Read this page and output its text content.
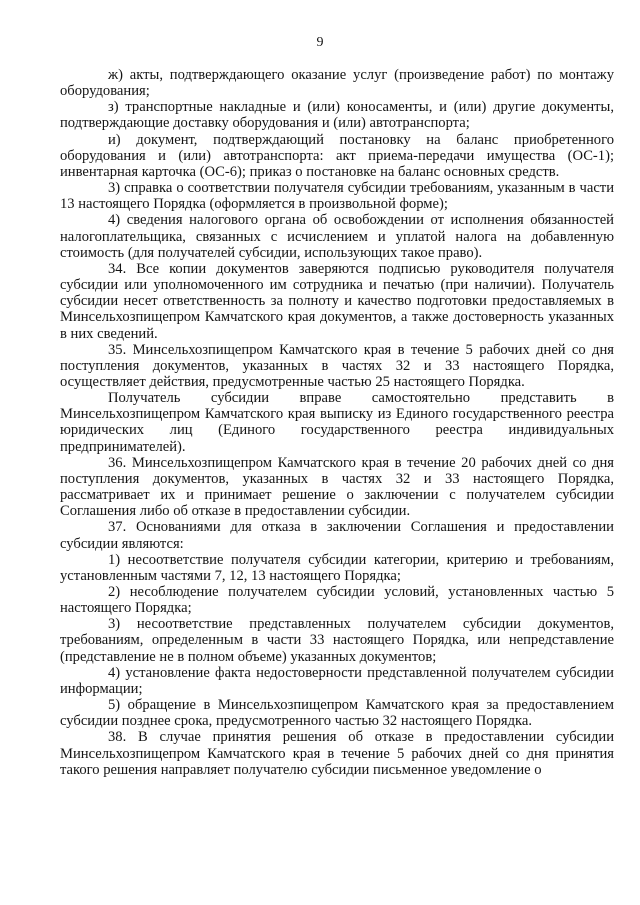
9

ж) акты, подтверждающего оказание услуг (произведение работ) по монтажу оборудования;

з) транспортные накладные и (или) коносаменты, и (или) другие документы, подтверждающие доставку оборудования и (или) автотранспорта;

и) документ, подтверждающий постановку на баланс приобретенного оборудования и (или) автотранспорта: акт приема-передачи имущества (ОС-1); инвентарная карточка (ОС-6); приказ о постановке на баланс основных средств.

3) справка о соответствии получателя субсидии требованиям, указанным в части 13 настоящего Порядка (оформляется в произвольной форме);

4) сведения налогового органа об освобождении от исполнения обязанностей налогоплательщика, связанных с исчислением и уплатой налога на добавленную стоимость (для получателей субсидии, использующих такое право).

34. Все копии документов заверяются подписью руководителя получателя субсидии или уполномоченного им сотрудника и печатью (при наличии). Получатель субсидии несет ответственность за полноту и качество подготовки предоставляемых в Минсельхозпищепром Камчатского края документов, а также достоверность указанных в них сведений.

35. Минсельхозпищепром Камчатского края в течение 5 рабочих дней со дня поступления документов, указанных в частях 32 и 33 настоящего Порядка, осуществляет действия, предусмотренные частью 25 настоящего Порядка.

Получатель субсидии вправе самостоятельно представить в Минсельхозпищепром Камчатского края выписку из Единого государственного реестра юридических лиц (Единого государственного реестра индивидуальных предпринимателей).

36. Минсельхозпищепром Камчатского края в течение 20 рабочих дней со дня поступления документов, указанных в частях 32 и 33 настоящего Порядка, рассматривает их и принимает решение о заключении с получателем субсидии Соглашения либо об отказе в предоставлении субсидии.

37. Основаниями для отказа в заключении Соглашения и предоставлении субсидии являются:

1) несоответствие получателя субсидии категории, критерию и требованиям, установленным частями 7, 12, 13 настоящего Порядка;

2) несоблюдение получателем субсидии условий, установленных частью 5 настоящего Порядка;

3) несоответствие представленных получателем субсидии документов, требованиям, определенным в части 33 настоящего Порядка, или непредставление (представление не в полном объеме) указанных документов;

4) установление факта недостоверности представленной получателем субсидии информации;

5) обращение в Минсельхозпищепром Камчатского края за предоставлением субсидии позднее срока, предусмотренного частью 32 настоящего Порядка.

38. В случае принятия решения об отказе в предоставлении субсидии Минсельхозпищепром Камчатского края в течение 5 рабочих дней со дня принятия такого решения направляет получателю субсидии письменное уведомление о
